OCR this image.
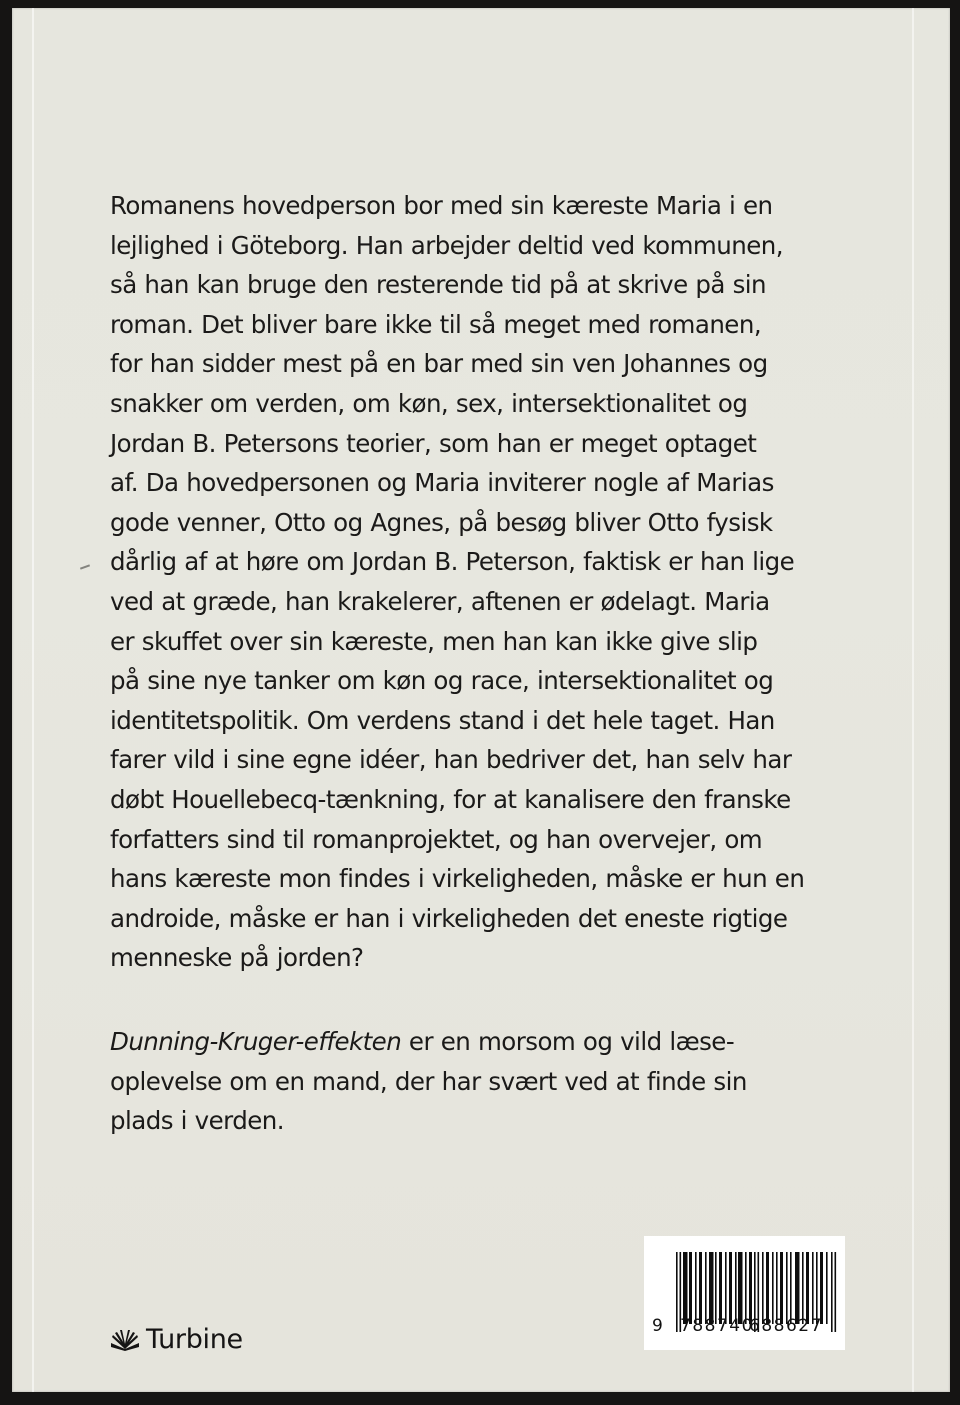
Romanens hovedperson bor med sin kæreste Maria i en
lejlighed i Göteborg. Han arbejder deltid ved kommunen,
så han kan bruge den resterende tid på at skrive på sin
roman. Det bliver bare ikke til så meget med romanen,
for han sidder mest på en bar med sin ven Johannes og
snakker om verden, om køn, sex, intersektionalitet og
Jordan B. Petersons teorier, som han er meget optaget
af. Da hovedpersonen og Maria inviterer nogle af Marias
gode venner, Otto og Agnes, på besøg bliver Otto fysisk
dårlig af at høre om Jordan B. Peterson, faktisk er han lige
ved at græde, han krakelerer, aftenen er ødelagt. Maria
er skuffet over sin kæreste, men han kan ikke give slip
på sine nye tanker om køn og race, intersektionalitet og
identitetspolitik. Om verdens stand i det hele taget. Han
farer vild i sine egne idéer, han bedriver det, han selv har
døbt Houellebecq-tænkning, for at kanalisere den franske
forfatters sind til romanprojektet, og han overvejer, om
hans kæreste mon findes i virkeligheden, måske er hun en
androide, måske er han i virkeligheden det eneste rigtige
menneske på jorden?
Dunning-Kruger-effekten er en morsom og vild læse-
oplevelse om en mand, der har svært ved at finde sin
plads i verden.
Turbine	9 788740
688627
